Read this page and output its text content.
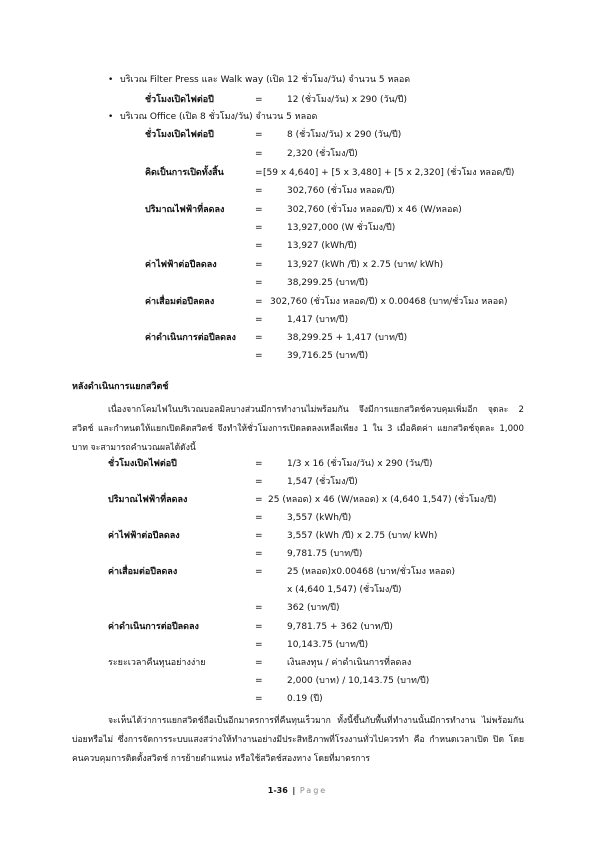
• บริเวณ Filter Press และ Walk way (เปิด 12 ชั่วโมง/วัน) จำนวน 5 หลอด
ชั่วโมงเปิดไฟต่อปี	=	12 (ชั่วโมง/วัน) x 290 (วัน/ปี)
• บริเวณ Office (เปิด 8 ชั่วโมง/วัน) จำนวน 5 หลอด
ชั่วโมงเปิดไฟต่อปี	=	8 (ชั่วโมง/วัน) x 290 (วัน/ปี)
=	2,320 (ชั่วโมง/ปี)
คิดเป็นการเปิดทั้งสิ้น	= [59 x 4,640] + [5 x 3,480] + [5 x 2,320] (ชั่วโมง หลอด/ปี)
=	302,760 (ชั่วโมง หลอด/ปี)
ปริมาณไฟฟ้าที่ลดลง	=	302,760 (ชั่วโมง หลอด/ปี) x 46 (W/หลอด)
=	13,927,000 (W ชั่วโมง/ปี)
=	13,927 (kWh/ปี)
ค่าไฟฟ้าต่อปีลดลง	=	13,927 (kWh /ปี) x 2.75 (บาท/ kWh)
=	38,299.25 (บาท/ปี)
ค่าเสื่อมต่อปีลดลง	= 302,760 (ชั่วโมง หลอด/ปี) x 0.00468 (บาท/ชั่วโมง หลอด)
=	1,417 (บาท/ปี)
ค่าดำเนินการต่อปีลดลง =	38,299.25 + 1,417 (บาท/ปี)
=	39,716.25 (บาท/ปี)
หลังดำเนินการแยกสวิตช์
เนื่องจากโคมไฟในบริเวณบอลมิลบางส่วนมีการทำงานไม่พร้อมกัน จึงมีการแยกสวิตช์ควบคุมเพิ่มอีก จุดละ 2 สวิตช์ และกำหนดให้แยกเปิดคิดสวิตช์ จึงทำให้ชั่วโมงการเปิดลดลงเหลือเพียง 1 ใน 3 เมื่อคิดค่า แยกสวิตช์จุดละ 1,000 บาท จะสามารถคำนวณผลได้ดังนี้
ชั่วโมงเปิดไฟต่อปี	=	1/3 x 16 (ชั่วโมง/วัน) x 290 (วัน/ปี)
=	1,547 (ชั่วโมง/ปี)
ปริมาณไฟฟ้าที่ลดลง	= 25 (หลอด) x 46 (W/หลอด) x (4,640 1,547) (ชั่วโมง/ปี)
=	3,557 (kWh/ปี)
ค่าไฟฟ้าต่อปีลดลง	=	3,557 (kWh /ปี) x 2.75 (บาท/ kWh)
=	9,781.75 (บาท/ปี)
ค่าเสื่อมต่อปีลดลง	=	25 (หลอด)x0.00468 (บาท/ชั่วโมง หลอด)
x (4,640 1,547) (ชั่วโมง/ปี)
=	362 (บาท/ปี)
ค่าดำเนินการต่อปีลดลง	=	9,781.75 + 362 (บาท/ปี)
=	10,143.75 (บาท/ปี)
ระยะเวลาคืนทุนอย่างง่าย	=	เงินลงทุน / ค่าดำเนินการที่ลดลง
=	2,000 (บาท) / 10,143.75 (บาท/ปี)
=	0.19 (ปี)
จะเห็นได้ว่าการแยกสวิตช์ถือเป็นอีกมาตรการที่คืนทุนเร็วมาก ทั้งนี้ขึ้นกับพื้นที่ทำงานนั้นมีการทำงาน ไม่พร้อมกันบ่อยหรือไม่ ซึ่งการจัดการระบบแสงสว่างให้ทำงานอย่างมีประสิทธิภาพที่โรงงานทั่วไปควรทำ คือ กำหนดเวลาเปิด ปิด โดยคนควบคุมการติดตั้งสวิตช์ การย้ายตำแหน่ง หรือใช้สวิตช์สองทาง โดยที่มาตรการ
1-36 | Page
